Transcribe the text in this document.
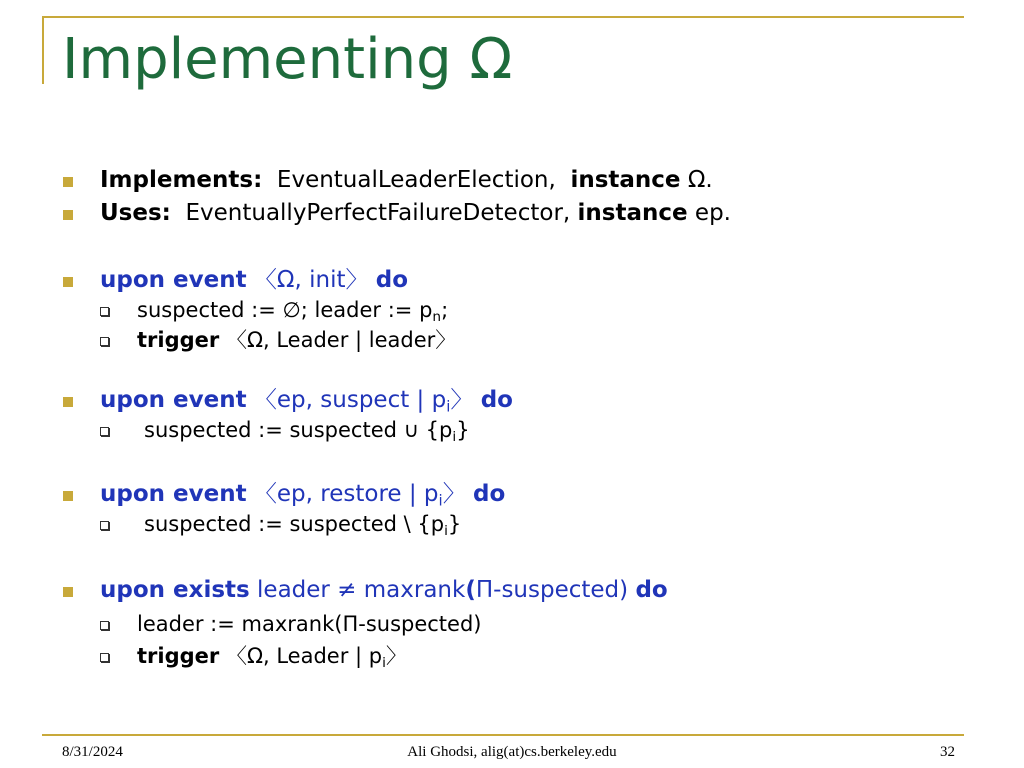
Implementing Ω
Implements: EventualLeaderElection, instance Ω.
Uses: EventuallyPerfectFailureDetector, instance ep.
upon event 〈Ω, init〉 do
suspected := ∅; leader := $p_n$;
trigger 〈Ω, Leader | leader〉
upon event 〈ep, suspect | $p_i〉$ do
suspected := suspected ∪ $\{p_i\}$
upon event 〈ep, restore | $p_i〉$ do
suspected := suspected \ $\{p_i\}$
upon exists leader ≠ maxrank(Π-suspected) do
leader := maxrank(Π-suspected)
trigger 〈Ω, Leader | $p_i〉$
8/31/2024	Ali Ghodsi, alig(at)cs.berkeley.edu	32
